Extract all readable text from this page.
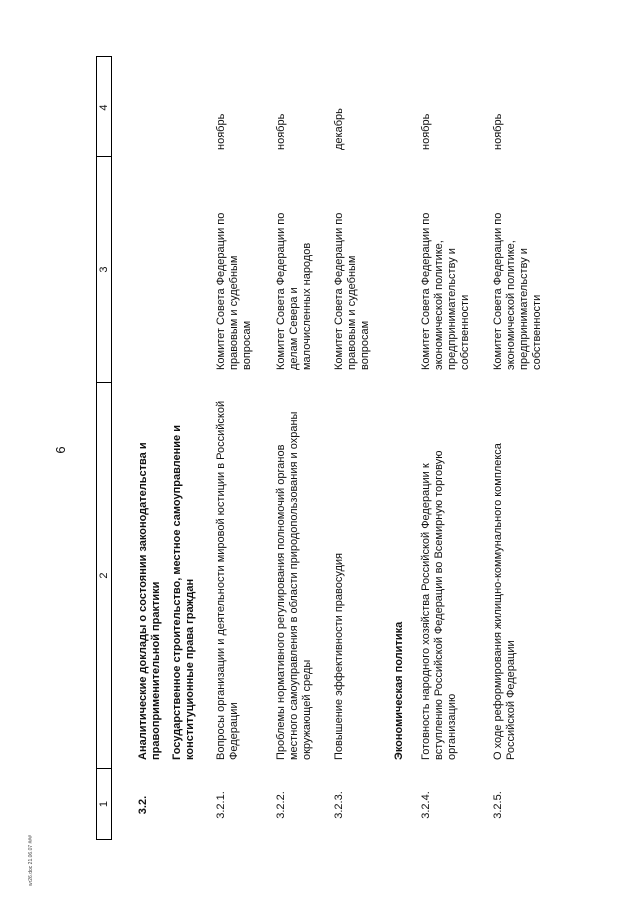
6
1
2
3
4
3.2.
Аналитические доклады о состоянии законодательства и правоприменительной практики Государственное строительство, местное самоуправление и конституционные права граждан
3.2.1.
Вопросы организации и деятельности мировой юстиции в Российской Федерации
Комитет Совета Федерации по правовым и судебным вопросам
ноябрь
3.2.2.
Проблемы нормативного регулирования полномочий органов местного самоуправления в области природопользования и охраны окружающей среды
Комитет Совета Федерации по делам Севера и малочисленных народов
ноябрь
3.2.3.
Повышение эффективности правосудия
Комитет Совета Федерации по правовым и судебным вопросам
декабрь
Экономическая политика
3.2.4.
Готовность народного хозяйства Российской Федерации к вступлению Российской Федерации во Всемирную торговую организацию
Комитет Совета Федерации по экономической политике, предпринимательству и собственности
ноябрь
3.2.5.
О ходе реформирования жилищно-коммунального комплекса Российской Федерации
Комитет Совета Федерации по экономической политике, предпринимательству и собственности
ноябрь
wr26.doc 21.06.07 ###
